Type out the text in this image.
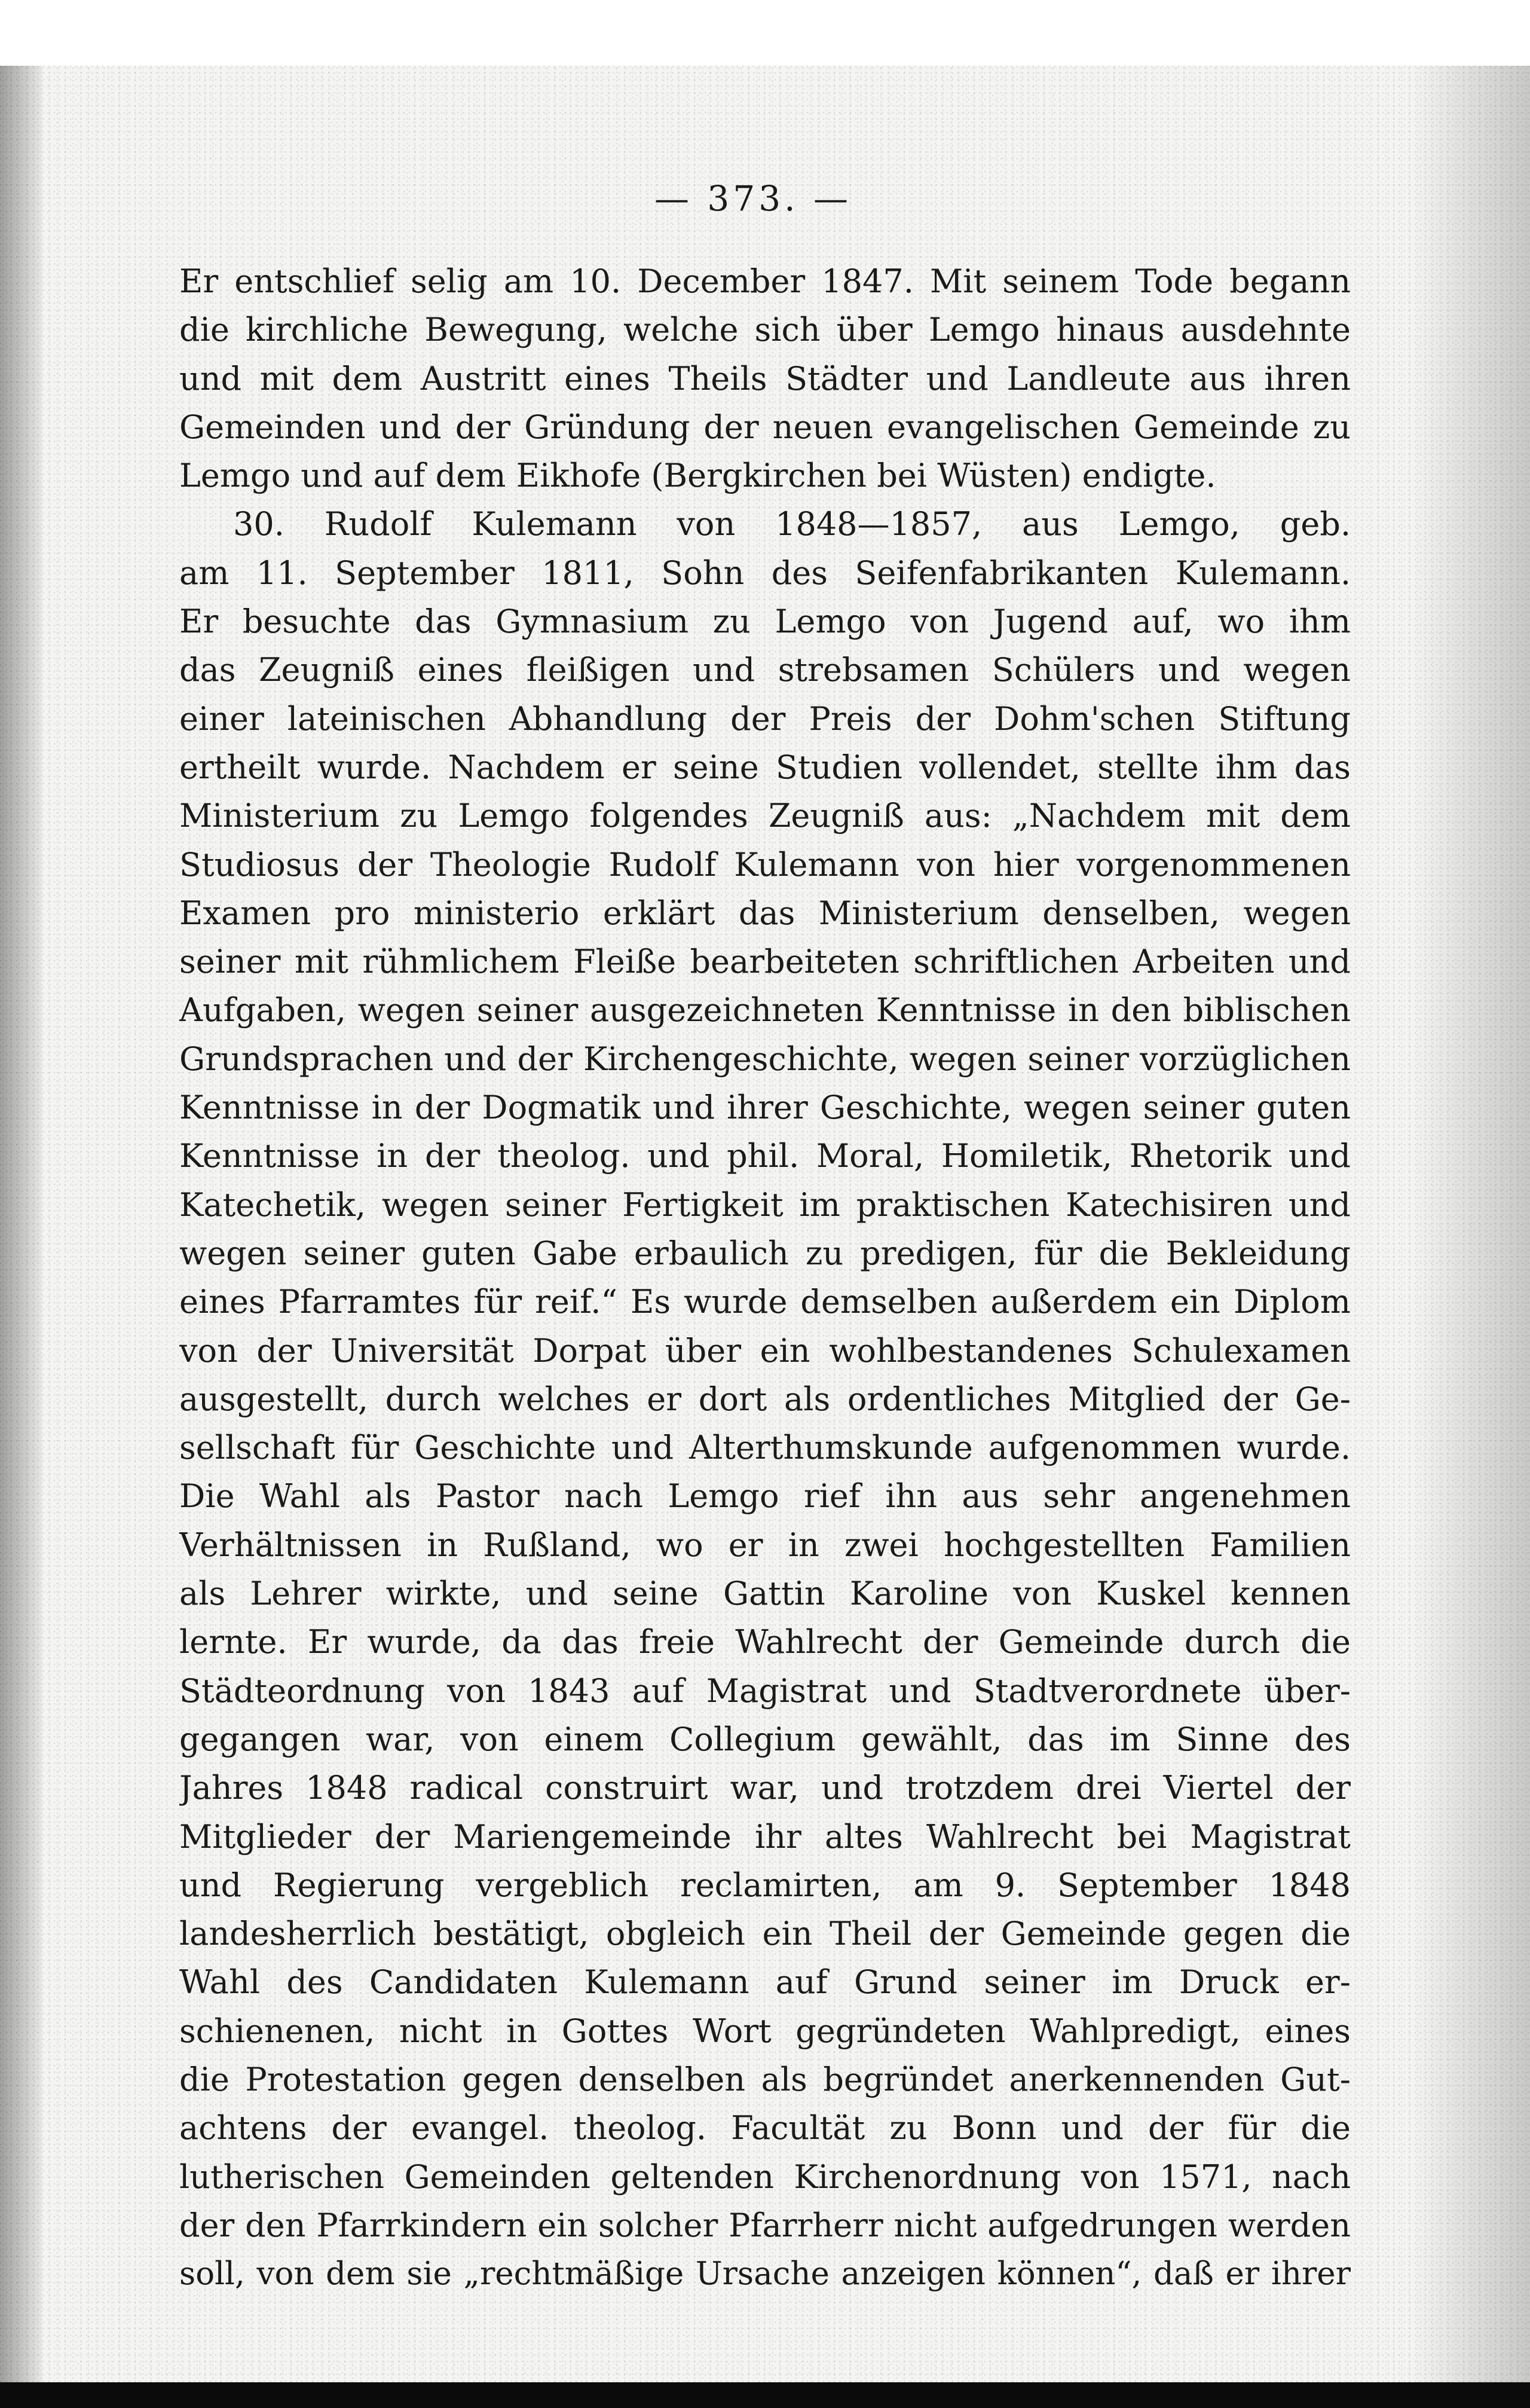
— 373. —
Er entschlief selig am 10. December 1847. Mit seinem Tode begann
die kirchliche Bewegung, welche sich über Lemgo hinaus ausdehnte
und mit dem Austritt eines Theils Städter und Landleute aus ihren
Gemeinden und der Gründung der neuen evangelischen Gemeinde zu
Lemgo und auf dem Eikhofe (Bergkirchen bei Wüsten) endigte.
30. Rudolf Kulemann von 1848—1857, aus Lemgo, geb.
am 11. September 1811, Sohn des Seifenfabrikanten Kulemann.
Er besuchte das Gymnasium zu Lemgo von Jugend auf, wo ihm
das Zeugniß eines fleißigen und strebsamen Schülers und wegen
einer lateinischen Abhandlung der Preis der Dohm'schen Stiftung
ertheilt wurde. Nachdem er seine Studien vollendet, stellte ihm das
Ministerium zu Lemgo folgendes Zeugniß aus: „Nachdem mit dem
Studiosus der Theologie Rudolf Kulemann von hier vorgenommenen
Examen pro ministerio erklärt das Ministerium denselben, wegen
seiner mit rühmlichem Fleiße bearbeiteten schriftlichen Arbeiten und
Aufgaben, wegen seiner ausgezeichneten Kenntnisse in den biblischen
Grundsprachen und der Kirchengeschichte, wegen seiner vorzüglichen
Kenntnisse in der Dogmatik und ihrer Geschichte, wegen seiner guten
Kenntnisse in der theolog. und phil. Moral, Homiletik, Rhetorik und
Katechetik, wegen seiner Fertigkeit im praktischen Katechisiren und
wegen seiner guten Gabe erbaulich zu predigen, für die Bekleidung
eines Pfarramtes für reif.“ Es wurde demselben außerdem ein Diplom
von der Universität Dorpat über ein wohlbestandenes Schulexamen
ausgestellt, durch welches er dort als ordentliches Mitglied der Ge-
sellschaft für Geschichte und Alterthumskunde aufgenommen wurde.
Die Wahl als Pastor nach Lemgo rief ihn aus sehr angenehmen
Verhältnissen in Rußland, wo er in zwei hochgestellten Familien
als Lehrer wirkte, und seine Gattin Karoline von Kuskel kennen
lernte. Er wurde, da das freie Wahlrecht der Gemeinde durch die
Städteordnung von 1843 auf Magistrat und Stadtverordnete über-
gegangen war, von einem Collegium gewählt, das im Sinne des
Jahres 1848 radical construirt war, und trotzdem drei Viertel der
Mitglieder der Mariengemeinde ihr altes Wahlrecht bei Magistrat
und Regierung vergeblich reclamirten, am 9. September 1848
landesherrlich bestätigt, obgleich ein Theil der Gemeinde gegen die
Wahl des Candidaten Kulemann auf Grund seiner im Druck er-
schienenen, nicht in Gottes Wort gegründeten Wahlpredigt, eines
die Protestation gegen denselben als begründet anerkennenden Gut-
achtens der evangel. theolog. Facultät zu Bonn und der für die
lutherischen Gemeinden geltenden Kirchenordnung von 1571, nach
der den Pfarrkindern ein solcher Pfarrherr nicht aufgedrungen werden
soll, von dem sie „rechtmäßige Ursache anzeigen können“, daß er ihrer
